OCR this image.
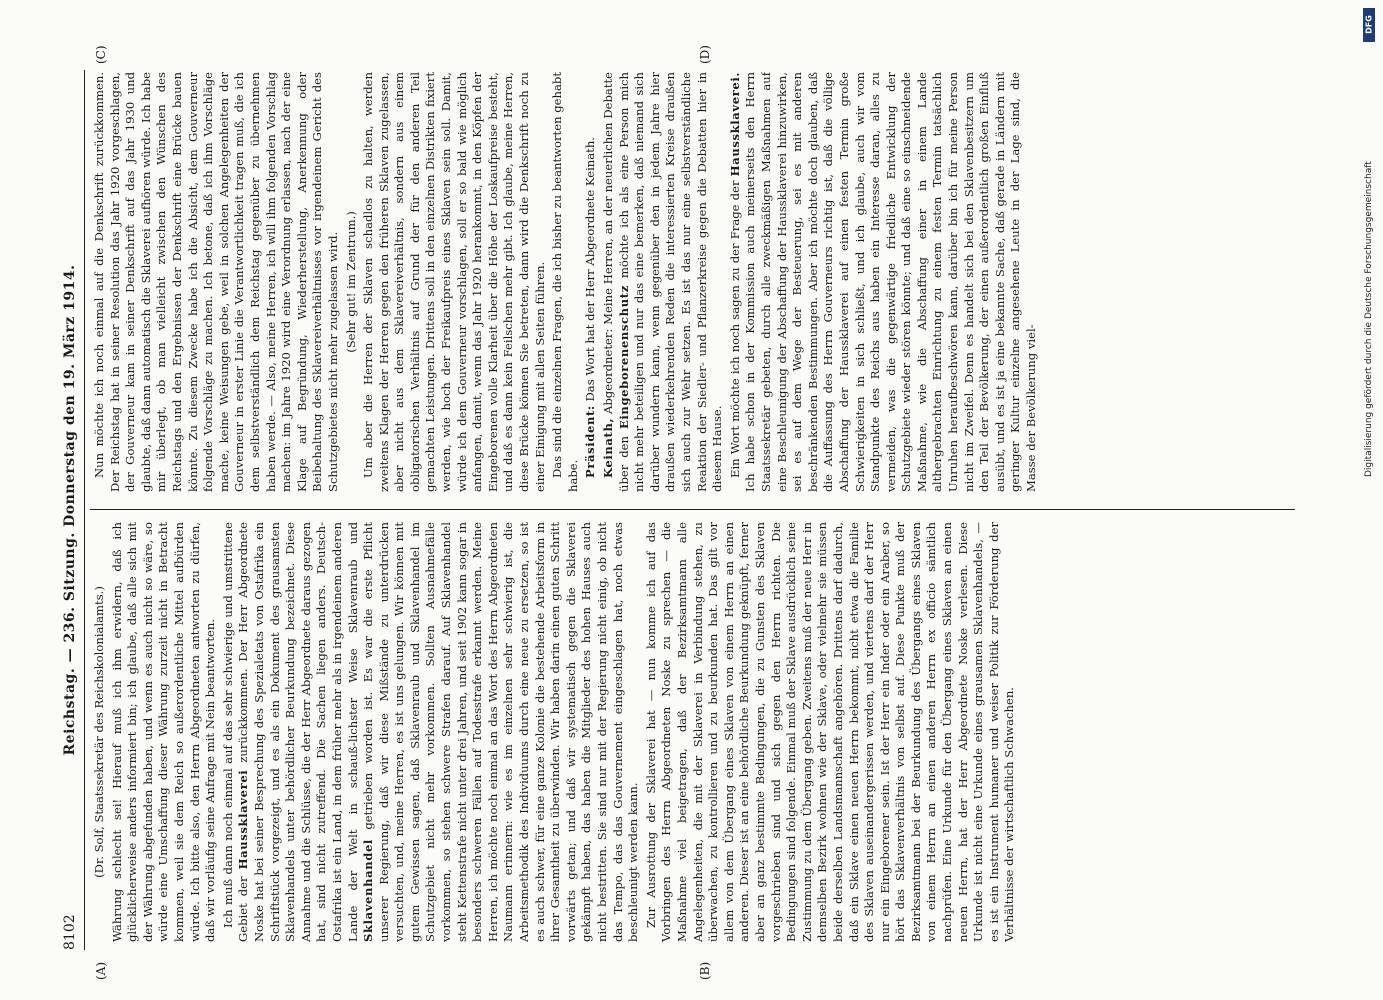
8102
Reichstag. — 236. Sitzung. Donnerstag den 19. März 1914.
(A)	(B)
(C)	(D)

(Dr. Solf, Staatssekretär des Reichskolonialamts.) Währung schlecht sei! Hierauf muß ich ihm erwidern, daß ich glücklicherweise anders informiert bin; ich glaube, daß alle sich mit der Währung abgefunden haben, und wenn es auch nicht so wäre, so würde eine Umschaffung dieser Währung zurzeit nicht in Betracht kommen, weil sie dem Reich so außerordentliche Mittel aufbürden würde. Ich bitte also, den Herrn Abgeordneten antworten zu dürfen, daß wir vorläufig seine Anfrage mit Nein beantworten. Ich muß dann noch einmal auf das sehr schwierige und umstrittene Gebiet der Haussklaverei zurückkommen. Der Herr Abgeordnete Noske hat bei seiner Besprechung des Spezialetats von Ostafrika ein Schriftstück vorgezeigt, und es als ein Dokument des grausamsten Sklavenhandels unter behördlicher Beurkundung bezeichnet. Diese Annahme und die Schlüsse, die der Herr Abgeordnete daraus gezogen hat, sind nicht zutreffend. Die Sachen liegen anders. Deutsch-Ostafrika ist ein Land, in dem früher mehr als in irgendeinem anderen Lande der Welt in schauß-lichster Weise Sklavenraub und Sklavenhandel getrieben worden ist. Es war die erste Pflicht unserer Regierung, daß wir diese Mißstände zu unterdrücken versuchten, und, meine Herren, es ist uns gelungen. Wir können mit gutem Gewissen sagen, daß Sklavenraub und Sklavenhandel im Schutzgebiet nicht mehr vorkommen. Sollten Ausnahmefälle vorkommen, so stehen schwere Strafen darauf. Auf Sklavenhandel steht Kettenstrafe nicht unter drei Jahren, und seit 1902 kann sogar in besonders schweren Fällen auf Todesstrafe erkannt werden. Meine Herren, ich möchte noch einmal an das Wort des Herrn Abgeordneten Naumann erinnern: wie es im einzelnen sehr schwierig ist, die Arbeitsmethodik des Individuums durch eine neue zu ersetzen, so ist es auch schwer, für eine ganze Kolonie die bestehende Arbeitsform in ihrer Gesamtheit zu überwinden. Wir haben darin einen guten Schritt vorwärts getan; und daß wir systematisch gegen die Sklaverei gekämpft haben, das haben die Mitglieder des hohen Hauses auch nicht bestritten. Sie sind nur mit der Regierung nicht einig, ob nicht das Tempo, das das Gouvernement eingeschlagen hat, noch etwas beschleunigt werden kann. Zur Ausrottung der Sklaverei hat — nun komme ich auf das Vorbringen des Herrn Abgeordneten Noske zu sprechen — die Maßnahme viel beigetragen, daß der Bezirksamtmann alle Angelegenheiten, die mit der Sklaverei in Verbindung stehen, zu überwachen, zu kontrollieren und zu beurkunden hat. Das gilt vor allem von dem Übergang eines Sklaven von einem Herrn an einen anderen. Dieser ist an eine behördliche Beurkundung geknüpft, ferner aber an ganz bestimmte Bedingungen, die zu Gunsten des Sklaven vorgeschrieben sind und sich gegen den Herrn richten. Die Bedingungen sind folgende. Einmal muß der Sklave ausdrücklich seine Zustimmung zu dem Übergang geben. Zweitens muß der neue Herr in demselben Bezirk wohnen wie der Sklave, oder vielmehr sie müssen beide derselben Landsmannschaft angehören. Drittens darf dadurch, daß ein Sklave einen neuen Herrn bekommt, nicht etwa die Familie des Sklaven auseinandergerissen werden, und viertens darf der Herr nur ein Eingeborener sein. Ist der Herr ein Inder oder ein Araber, so hört das Sklavenverhältnis von selbst auf. Diese Punkte muß der Bezirksamtmann bei der Beurkundung des Übergangs eines Sklaven von einem Herrn an einen anderen Herrn ex officio sämtlich nachprüfen. Eine Urkunde für den Übergang eines Sklaven an einen neuen Herrn, hat der Herr Abgeordnete Noske verlesen. Diese Urkunde ist nicht eine Urkunde eines grausamen Sklavenhandels, — es ist ein Instrument humaner und weiser Politik zur Förderung der Verhältnisse der wirtschaftlich Schwachen.

Nun möchte ich noch einmal auf die Denkschrift zurückkommen. Der Reichstag hat in seiner Resolution das Jahr 1920 vorgeschlagen, der Gouverneur kam in seiner Denkschrift auf das Jahr 1930 und glaubte, daß dann automatisch die Sklaverei aufhören würde. Ich habe mir überlegt, ob man vielleicht zwischen den Wünschen des Reichstags und den Ergebnissen der Denkschrift eine Brücke bauen könnte. Zu diesem Zwecke habe ich die Absicht, dem Gouverneur folgende Vorschläge zu machen. Ich betone, daß ich ihm Vorschläge mache, keine Weisungen gebe, weil in solchen Angelegenheiten der Gouverneur in erster Linie die Verantwortlichkeit tragen muß, die ich dem selbstverständlich dem Reichstag gegenüber zu übernehmen haben werde. — Also, meine Herren, ich will ihm folgenden Vorschlag machen: im Jahre 1920 wird eine Verordnung erlassen, nach der eine Klage auf Begründung, Wiederherstellung, Anerkennung oder Beibehaltung des Sklavereiverhältnisses vor irgendeinem Gericht des Schutzgebietes nicht mehr zugelassen wird. (Sehr gut! im Zentrum.) Um aber die Herren der Sklaven schadlos zu halten, werden zweitens Klagen der Herren gegen den früheren Sklaven zugelassen, aber nicht aus dem Sklavereiverhältnis, sondern aus einem obligatorischen Verhältnis auf Grund der für den anderen Teil gemachten Leistungen. Drittens soll in den einzelnen Distrikten fixiert werden, wie hoch der Freikaufpreis eines Sklaven sein soll. Damit, würde ich dem Gouverneur vorschlagen, soll er so bald wie möglich anfangen, damit, wenn das Jahr 1920 herankommt, in den Köpfen der Eingeborenen volle Klarheit über die Höhe der Loskaufpreise besteht, und daß es dann kein Feilschen mehr gibt. Ich glaube, meine Herren, diese Brücke können Sie betreten, dann wird die Denkschrift noch zu einer Einigung mit allen Seiten führen. Das sind die einzelnen Fragen, die ich bisher zu beantworten gehabt habe. Präsident: Das Wort hat der Herr Abgeordnete Keinath.

Keinath, Abgeordneter: Meine Herren, an der neuerlichen Debatte über den Eingeborenenschutz möchte ich als eine Person mich nicht mehr beteiligen und nur das eine bemerken, daß niemand sich darüber wundern kann, wenn gegenüber den in jedem Jahre hier draußen wiederkehrenden Reden die interessierten Kreise draußen sich auch zur Wehr setzen. Es ist das nur eine selbstverständliche Reaktion der Siedler- und Pflanzerkreise gegen die Debatten hier in diesem Hause. Ein Wort möchte ich noch sagen zu der Frage der Haussklaverei. Ich habe schon in der Kommission auch meinerseits den Herrn Staatssekretär gebeten, durch alle zweckmäßigen Maßnahmen auf eine Beschleunigung der Abschaffung der Haussklaverei hinzuwirken, sei es auf dem Wege der Besteuerung, sei es mit anderen beschränkenden Bestimmungen. Aber ich möchte doch glauben, daß die Auffassung des Herrn Gouverneurs richtig ist, daß die völlige Abschaffung der Haussklaverei auf einen festen Termin große Schwierigkeiten in sich schließt, und ich glaube, auch wir vom Standpunkte des Reichs aus haben ein Interesse daran, alles zu vermeiden, was die gegenwärtige friedliche Entwicklung der Schutzgebiete wieder stören könnte; und daß eine so einschneidende Maßnahme, wie die Abschaffung einer in einem Lande althergebrachten Einrichtung zu einem festen Termin tatsächlich Unruhen heraufbeschwören kann, darüber bin ich für meine Person nicht im Zweifel. Denn es handelt sich bei den Sklavenbesitzern um den Teil der Bevölkerung, der einen außerordentlich großen Einfluß ausübt, und es ist ja eine bekannte Sache, daß gerade in Ländern mit geringer Kultur einzelne angesehene Leute in der Lage sind, die Masse der Bevölkerung viel-

DFG
Digitalisierung gefördert durch die Deutsche Forschungsgemeinschaft
